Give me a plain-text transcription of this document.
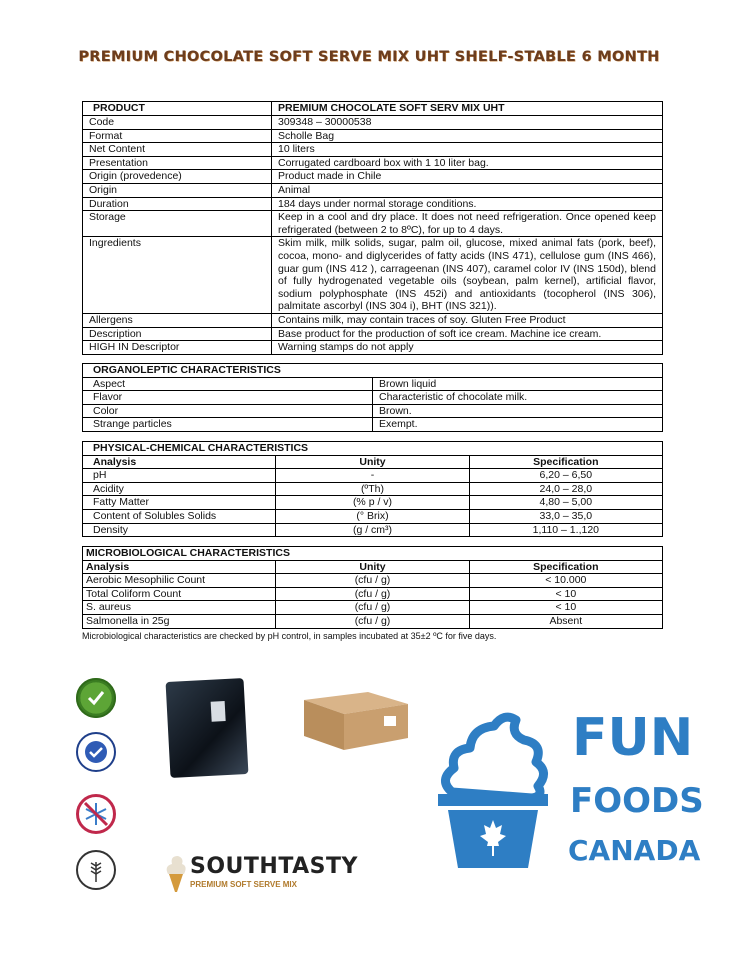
PREMIUM CHOCOLATE SOFT SERVE MIX UHT SHELF-STABLE 6 MONTH
PRODUCT	PREMIUM CHOCOLATE SOFT SERV MIX UHT
Code	309348 – 30000538
Format	Scholle Bag
Net Content	10 liters
Presentation	Corrugated cardboard box with 1 10 liter bag.
Origin (provedence)	Product made in Chile
Origin	Animal
Duration	184 days under normal storage conditions.
Storage	Keep in a cool and dry place. It does not need refrigeration. Once opened keep refrigerated (between 2 to 8ºC), for up to 4 days.
Ingredients	Skim milk, milk solids, sugar, palm oil, glucose, mixed animal fats (pork, beef), cocoa, mono- and diglycerides of fatty acids (INS 471), cellulose gum (INS 466), guar gum (INS 412 ), carrageenan (INS 407), caramel color IV (INS 150d), blend of fully hydrogenated vegetable oils (soybean, palm kernel), artificial flavor, sodium polyphosphate (INS 452i) and antioxidants (tocopherol (INS 306), palmitate ascorbyl (INS 304 i), BHT (INS 321)).
Allergens	Contains milk, may contain traces of soy. Gluten Free Product
Description	Base product for the production of soft ice cream. Machine ice cream.
HIGH IN Descriptor	Warning stamps do not apply
ORGANOLEPTIC CHARACTERISTICS	
Aspect	Brown liquid
Flavor	Characteristic of chocolate milk.
Color	Brown.
Strange particles	Exempt.
PHYSICAL-CHEMICAL CHARACTERISTICS		
Analysis	Unity	Specification
pH	-	6,20 – 6,50
Acidity	(ºTh)	24,0 – 28,0
Fatty Matter	(% p / v)	4,80 – 5,00
Content of Solubles Solids	(° Brix)	33,0 – 35,0
Density	(g / cm³)	1,110 – 1.,120
MICROBIOLOGICAL CHARACTERISTICS		
Analysis	Unity	Specification
Aerobic Mesophilic Count	(cfu / g)	< 10.000
Total Coliform Count	(cfu / g)	< 10
S. aureus	(cfu / g)	< 10
Salmonella in 25g	(cfu / g)	Absent
Microbiological characteristics are checked by pH control, in samples incubated at 35±2 ºC for five days.
SOUTHTASTY
PREMIUM SOFT SERVE MIX
FUN
FOODS
CANADA
